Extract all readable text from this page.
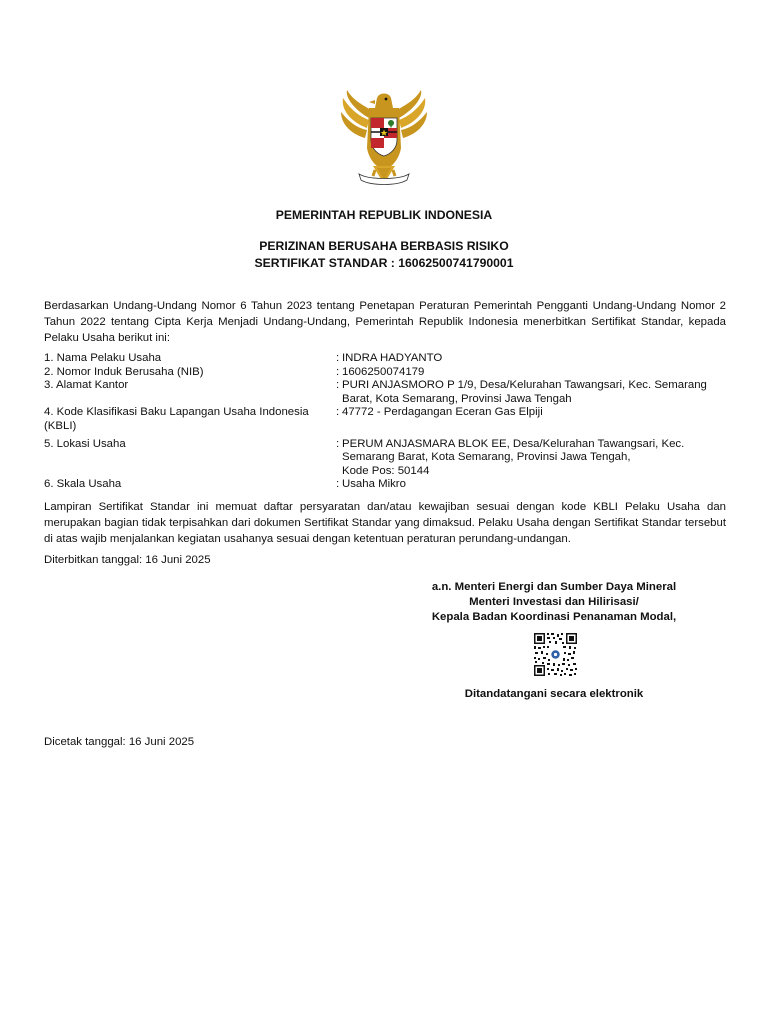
PEMERINTAH REPUBLIK INDONESIA
PERIZINAN BERUSAHA BERBASIS RISIKO
SERTIFIKAT STANDAR : 16062500741790001

Berdasarkan Undang-Undang Nomor 6 Tahun 2023 tentang Penetapan Peraturan Pemerintah Pengganti Undang-Undang Nomor 2 Tahun 2022 tentang Cipta Kerja Menjadi Undang-Undang, Pemerintah Republik Indonesia menerbitkan Sertifikat Standar, kepada Pelaku Usaha berikut ini:

1. Nama Pelaku Usaha	: INDRA HADYANTO
2. Nomor Induk Berusaha (NIB)	: 1606250074179
3. Alamat Kantor	: PURI ANJASMORO P 1/9, Desa/Kelurahan Tawangsari, Kec. Semarang Barat, Kota Semarang, Provinsi Jawa Tengah
4. Kode Klasifikasi Baku Lapangan Usaha Indonesia (KBLI)
: 47772 - Perdagangan Eceran Gas Elpiji
5. Lokasi Usaha	: PERUM ANJASMARA BLOK EE, Desa/Kelurahan Tawangsari, Kec. Semarang Barat, Kota Semarang, Provinsi Jawa Tengah,
Kode Pos: 50144
6. Skala Usaha	: Usaha Mikro

Lampiran Sertifikat Standar ini memuat daftar persyaratan dan/atau kewajiban sesuai dengan kode KBLI Pelaku Usaha dan merupakan bagian tidak terpisahkan dari dokumen Sertifikat Standar yang dimaksud. Pelaku Usaha dengan Sertifikat Standar tersebut di atas wajib menjalankan kegiatan usahanya sesuai dengan ketentuan peraturan perundang-undangan.

Diterbitkan tanggal: 16 Juni 2025
a.n. Menteri Energi dan Sumber Daya Mineral
Menteri Investasi dan Hilirisasi/
Kepala Badan Koordinasi Penanaman Modal,
Ditandatangani secara elektronik
Dicetak tanggal: 16 Juni 2025
